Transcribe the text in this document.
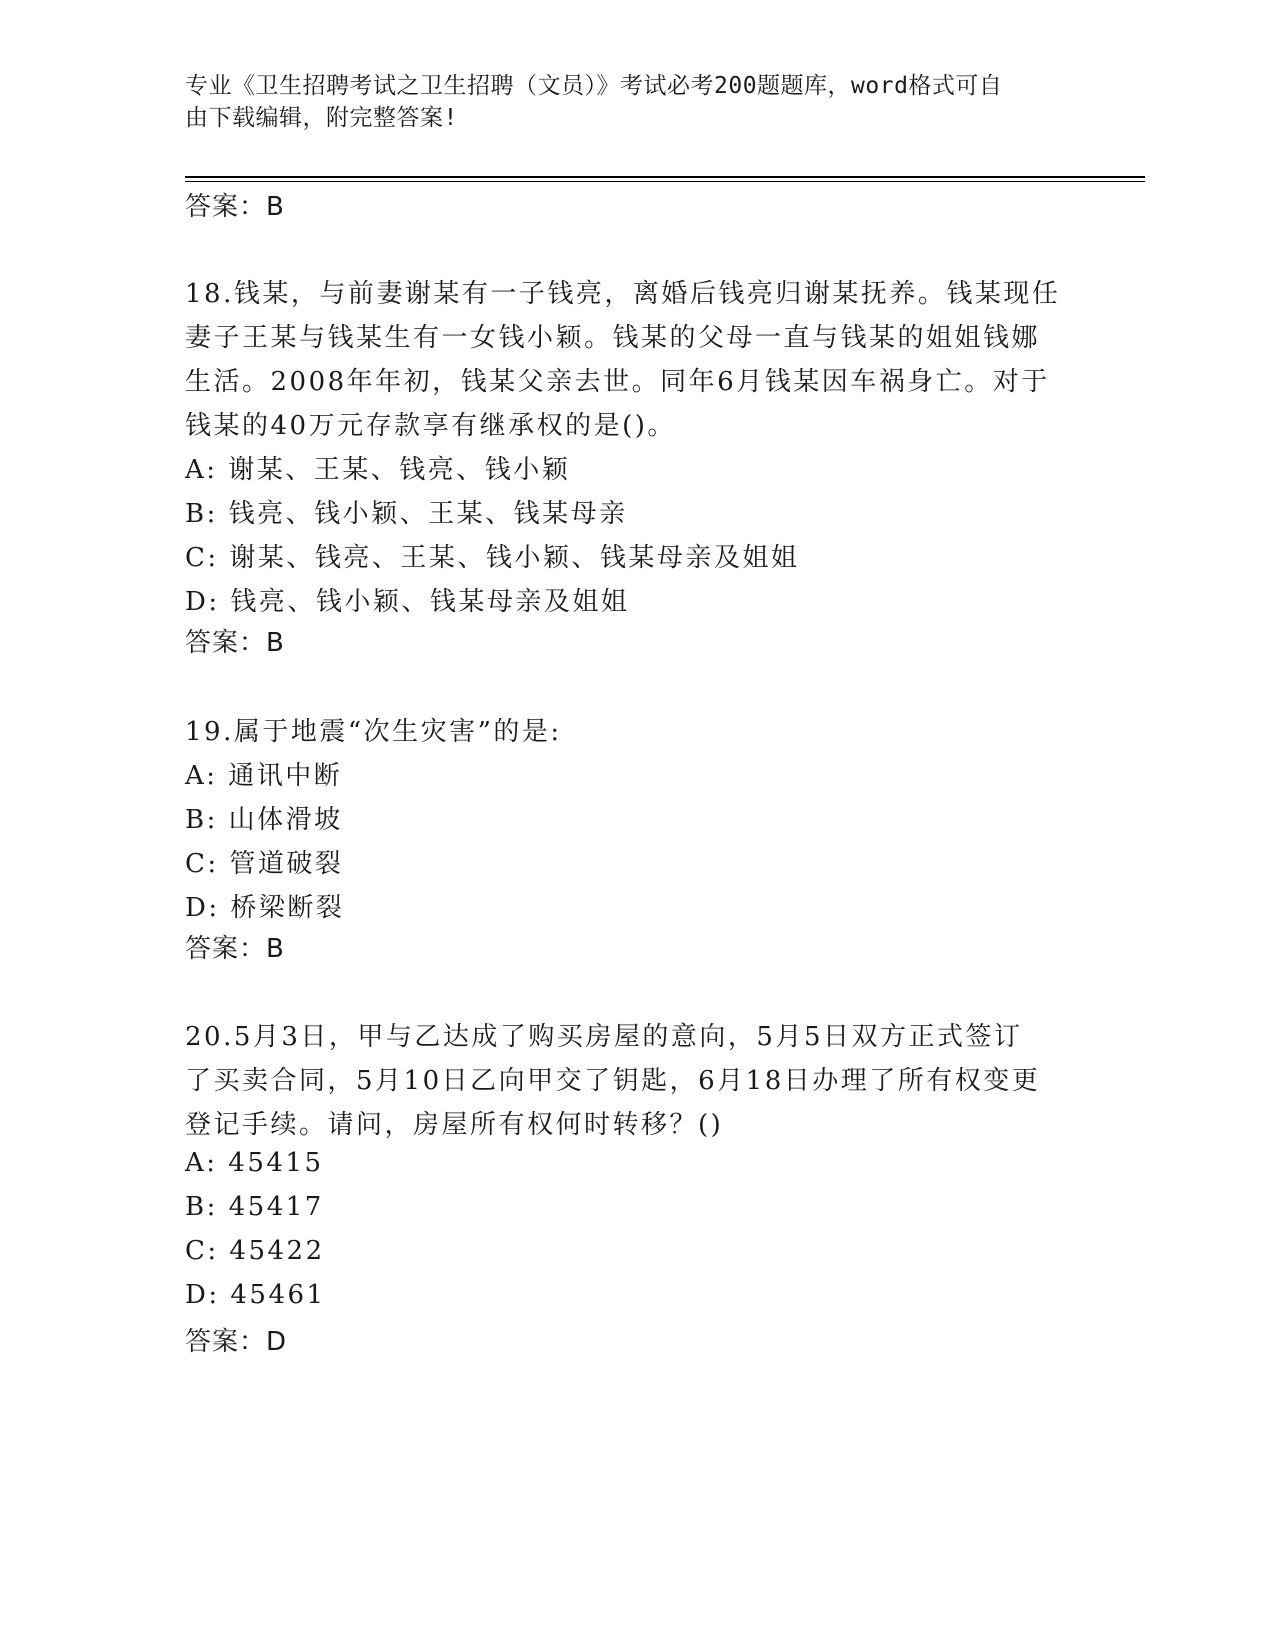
专业《卫生招聘考试之卫生招聘（文员）》考试必考200题题库，word格式可自
由下载编辑，附完整答案!
答案：B
18.钱某，与前妻谢某有一子钱亮，离婚后钱亮归谢某抚养。钱某现任
妻子王某与钱某生有一女钱小颖。钱某的父母一直与钱某的姐姐钱娜
生活。2008年年初，钱某父亲去世。同年6月钱某因车祸身亡。对于
钱某的40万元存款享有继承权的是()。
A: 谢某、王某、钱亮、钱小颖
B: 钱亮、钱小颖、王某、钱某母亲
C: 谢某、钱亮、王某、钱小颖、钱某母亲及姐姐
D: 钱亮、钱小颖、钱某母亲及姐姐
答案：B
19.属于地震“次生灾害”的是:
A: 通讯中断
B: 山体滑坡
C: 管道破裂
D: 桥梁断裂
答案：B
20.5月3日，甲与乙达成了购买房屋的意向，5月5日双方正式签订
了买卖合同，5月10日乙向甲交了钥匙，6月18日办理了所有权变更
登记手续。请问，房屋所有权何时转移？()
A: 45415
B: 45417
C: 45422
D: 45461
答案：D
